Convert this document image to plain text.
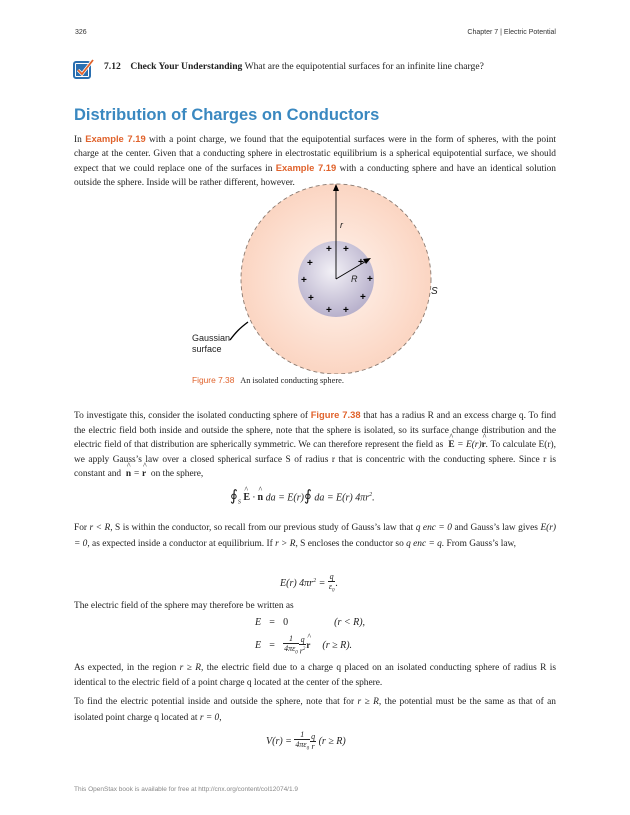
326	Chapter 7 | Electric Potential
7.12 Check Your Understanding What are the equipotential surfaces for an infinite line charge?
Distribution of Charges on Conductors

In Example 7.19 with a point charge, we found that the equipotential surfaces were in the form of spheres, with the point charge at the center. Given that a conducting sphere in electrostatic equilibrium is a spherical equipotential surface, we should expect that we could replace one of the surfaces in Example 7.19 with a conducting sphere and have an identical solution outside the sphere. Inside will be rather different, however.

+ +
+	+
+	+
+	+
+ +
r
R
S
Gaussian
surface
Figure 7.38 An isolated conducting sphere.

To investigate this, consider the isolated conducting sphere of Figure 7.38 that has a radius R and an excess charge q. To find the electric field both inside and outside the sphere, note that the sphere is isolated, so its surface change distribution and the electric field of that distribution are spherically symmetric. We can therefore represent the field as ^ E = E(r)^ r. To calculate E(r), we apply Gauss’s law over a closed spherical surface S of radius r that is concentric with the conducting sphere. Since r is constant and ^ n = ^ r on the sphere,

$∮_S$ ^ E · ^ n da = E(r)∮ da = E(r) $4\pi r^2$.

For r < R, S is within the conductor, so recall from our previous study of Gauss’s law that q enc = 0 and Gauss’s law gives E(r) = 0, as expected inside a conductor at equilibrium. If r > R, S encloses the conductor so q enc = q. From Gauss’s law,

E(r) $4\pi r^2 = \frac{q}{\varepsilon_0}$ .

The electric field of the sphere may therefore be written as

E = 0	(r < R),
$E = \frac{1}{4\pi\varepsilon_0} \frac{q}{r^2}$ ^ r (r ≥ R).

As expected, in the region r ≥ R, the electric field due to a charge q placed on an isolated conducting sphere of radius R is identical to the electric field of a point charge q located at the center of the sphere.

To find the electric potential inside and outside the sphere, note that for r ≥ R, the potential must be the same as that of an isolated point charge q located at r = 0,

$V(r) = \frac{1}{4\pi\varepsilon_0} \frac{q}{r} (r \ge R)$
This OpenStax book is available for free at http://cnx.org/content/col12074/1.9
